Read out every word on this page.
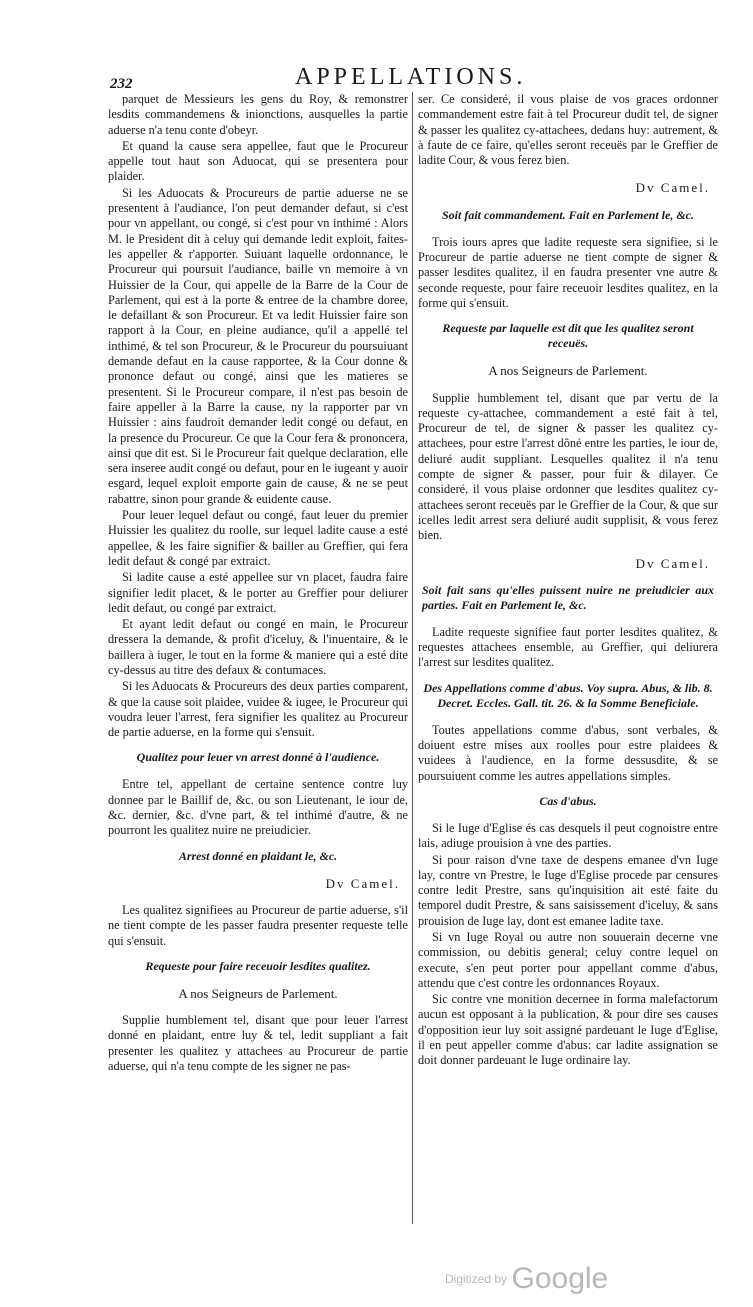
232	APPELLATIONS.

parquet de Messieurs les gens du Roy, & remonstrer lesdits commandemens & inionctions, ausquelles la partie aduerse n'a tenu conte d'obeyr.

Et quand la cause sera appellee, faut que le Procureur appelle tout haut son Aduocat, qui se presentera pour plaider.

Si les Aduocats & Procureurs de partie aduerse ne se presentent à l'audiance, l'on peut demander defaut, si c'est pour vn appellant, ou congé, si c'est pour vn inthimé : Alors M. le President dit à celuy qui demande ledit exploit, faites-les appeller & r'apporter. Suiuant laquelle ordonnance, le Procureur qui poursuit l'audiance, baille vn memoire à vn Huissier de la Cour, qui appelle de la Barre de la Cour de Parlement, qui est à la porte & entree de la chambre doree, le defaillant & son Procureur. Et va ledit Huissier faire son rapport à la Cour, en pleine audiance, qu'il a appellé tel inthimé, & tel son Procureur, & le Procureur du poursuiuant demande defaut en la cause rapportee, & la Cour donne & prononce defaut ou congé, ainsi que les matieres se presentent. Si le Procureur compare, il n'est pas besoin de faire appeller à la Barre la cause, ny la rapporter par vn Huissier : ains faudroit demander ledit congé ou defaut, en la presence du Procureur. Ce que la Cour fera & prononcera, ainsi que dit est. Si le Procureur fait quelque declaration, elle sera inseree audit congé ou defaut, pour en le iugeant y auoir esgard, lequel exploit emporte gain de cause, & ne se peut rabattre, sinon pour grande & euidente cause.

Pour leuer lequel defaut ou congé, faut leuer du premier Huissier les qualitez du roolle, sur lequel ladite cause a esté appellee, & les faire signifier & bailler au Greffier, qui fera ledit defaut & congé par extraict.

Si ladite cause a esté appellee sur vn placet, faudra faire signifier ledit placet, & le porter au Greffier pour deliurer ledit defaut, ou congé par extraict.

Et ayant ledit defaut ou congé en main, le Procureur dressera la demande, & profit d'iceluy, & l'inuentaire, & le baillera à iuger, le tout en la forme & maniere qui a esté dite cy-dessus au titre des defaux & contumaces.

Si les Aduocats & Procureurs des deux parties comparent, & que la cause soit plaidee, vuidee & iugee, le Procureur qui voudra leuer l'arrest, fera signifier les qualitez au Procureur de partie aduerse, en la forme qui s'ensuit.

Qualitez pour leuer vn arrest donné à l'audience.

Entre tel, appellant de certaine sentence contre luy donnee par le Baillif de, &c. ou son Lieutenant, le iour de, &c. dernier, &c. d'vne part, & tel inthimé d'autre, & ne pourront les qualitez nuire ne preiudicier.

Arrest donné en plaidant le, &c.
Dv Camel.

Les qualitez signifiees au Procureur de partie aduerse, s'il ne tient compte de les passer faudra presenter requeste telle qui s'ensuit.

Requeste pour faire receuoir lesdites qualitez.
A nos Seigneurs de Parlement.

Supplie humblement tel, disant que pour leuer l'arrest donné en plaidant, entre luy & tel, ledit suppliant a fait presenter les qualitez y attachees au Procureur de partie aduerse, qui n'a tenu compte de les signer ne pas-

ser. Ce consideré, il vous plaise de vos graces ordonner commandement estre fait à tel Procureur dudit tel, de signer & passer les qualitez cy-attachees, dedans huy: autrement, & à faute de ce faire, qu'elles seront receuës par le Greffier de ladite Cour, & vous ferez bien.

Dv Camel.
Soit fait commandement. Fait en Parlement le, &c.

Trois iours apres que ladite requeste sera signifiee, si le Procureur de partie aduerse ne tient compte de signer & passer lesdites qualitez, il en faudra presenter vne autre & seconde requeste, pour faire receuoir lesdites qualitez, en la forme qui s'ensuit.

Requeste par laquelle est dit que les qualitez seront receuës.
A nos Seigneurs de Parlement.

Supplie humblement tel, disant que par vertu de la requeste cy-attachee, commandement a esté fait à tel, Procureur de tel, de signer & passer les qualitez cy-attachees, pour estre l'arrest dôné entre les parties, le iour de, deliuré audit suppliant. Lesquelles qualitez il n'a tenu compte de signer & passer, pour fuir & dilayer. Ce consideré, il vous plaise ordonner que lesdites qualitez cy-attachees seront receuës par le Greffier de la Cour, & que sur icelles ledit arrest sera deliuré audit supplisit, & vous ferez bien.

Dv Camel.
Soit fait sans qu'elles puissent nuire ne preiudicier aux parties. Fait en Parlement le, &c.

Ladite requeste signifiee faut porter lesdites qualitez, & requestes attachees ensemble, au Greffier, qui deliurera l'arrest sur lesdites qualitez.

Des Appellations comme d'abus. Voy supra. Abus, & lib. 8. Decret. Eccles. Gall. tit. 26. & la Somme Beneficiale.

Toutes appellations comme d'abus, sont verbales, & doiuent estre mises aux roolles pour estre plaidees & vuidees à l'audience, en la forme dessusdite, & se poursuiuent comme les autres appellations simples.

Cas d'abus.

Si le Iuge d'Eglise és cas desquels il peut cognoistre entre lais, adiuge prouision à vne des parties.

Si pour raison d'vne taxe de despens emanee d'vn Iuge lay, contre vn Prestre, le Iuge d'Eglise procede par censures contre ledit Prestre, sans qu'inquisition ait esté faite du temporel dudit Prestre, & sans saisissement d'iceluy, & sans prouision de Iuge lay, dont est emanee ladite taxe.

Si vn Iuge Royal ou autre non souuerain decerne vne commission, ou debitis general; celuy contre lequel on execute, s'en peut porter pour appellant comme d'abus, attendu que c'est contre les ordonnances Royaux.

Sic contre vne monition decernee in forma malefactorum aucun est opposant à la publication, & pour dire ses causes d'opposition ieur luy soit assigné pardeuant le Iuge d'Eglise, il en peut appeller comme d'abus: car ladite assignation se doit donner pardeuant le Iuge ordinaire lay.

Digitized by Google
